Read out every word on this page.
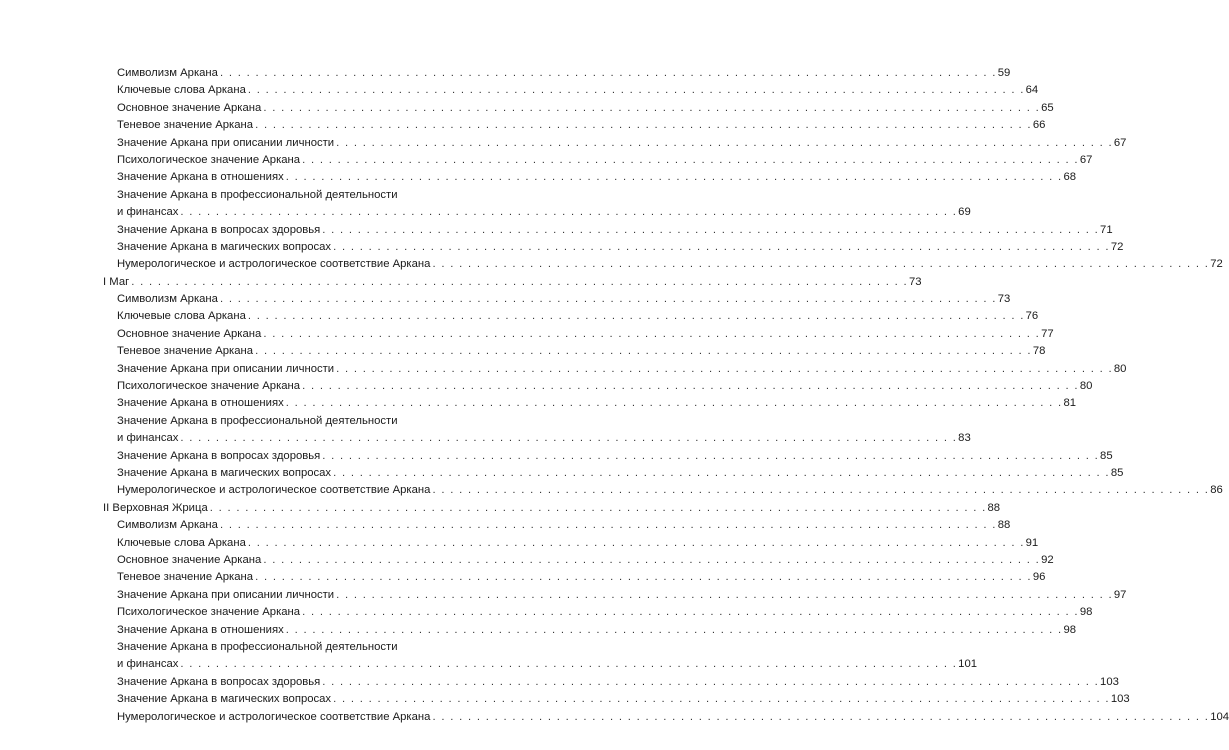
Символизм Аркана . . . . . . . . . . . . . . . . . . . . . . . . . . . . . . . . . . . . . . . . . . . . . . . . . . . . . . . . . . . . . . . . . . . . . . . . . . . . . . . . . . . . . . . . 59
Ключевые слова Аркана . . . . . . . . . . . . . . . . . . . . . . . . . . . . . . . . . . . . . . . . . . . . . . . . . . . . . . . . . . . . . . . . . . . . . . . . . . . . . . . . . . . . . . . . 64
Основное значение Аркана . . . . . . . . . . . . . . . . . . . . . . . . . . . . . . . . . . . . . . . . . . . . . . . . . . . . . . . . . . . . . . . . . . . . . . . . . . . . . . . . . . . . . . . . 65
Теневое значение Аркана . . . . . . . . . . . . . . . . . . . . . . . . . . . . . . . . . . . . . . . . . . . . . . . . . . . . . . . . . . . . . . . . . . . . . . . . . . . . . . . . . . . . . . . . 66
Значение Аркана при описании личности . . . . . . . . . . . . . . . . . . . . . . . . . . . . . . . . . . . . . . . . . . . . . . . . . . . . . . . . . . . . . . . . . . . . . . . . . . . . . . . . . . . . . . . . 67
Психологическое значение Аркана . . . . . . . . . . . . . . . . . . . . . . . . . . . . . . . . . . . . . . . . . . . . . . . . . . . . . . . . . . . . . . . . . . . . . . . . . . . . . . . . . . . . . . . . 67
Значение Аркана в отношениях . . . . . . . . . . . . . . . . . . . . . . . . . . . . . . . . . . . . . . . . . . . . . . . . . . . . . . . . . . . . . . . . . . . . . . . . . . . . . . . . . . . . . . . . 68
Значение Аркана в профессиональной деятельности
и финансах . . . . . . . . . . . . . . . . . . . . . . . . . . . . . . . . . . . . . . . . . . . . . . . . . . . . . . . . . . . . . . . . . . . . . . . . . . . . . . . . . . . . . . . . 69
Значение Аркана в вопросах здоровья . . . . . . . . . . . . . . . . . . . . . . . . . . . . . . . . . . . . . . . . . . . . . . . . . . . . . . . . . . . . . . . . . . . . . . . . . . . . . . . . . . . . . . . . 71
Значение Аркана в магических вопросах . . . . . . . . . . . . . . . . . . . . . . . . . . . . . . . . . . . . . . . . . . . . . . . . . . . . . . . . . . . . . . . . . . . . . . . . . . . . . . . . . . . . . . . . 72
Нумерологическое и астрологическое соответствие Аркана . . . . . . . . . . . . . . . . . . . . . . . . . . . . . . . . . . . . . . . . . . . . . . . . . . . . . . . . . . . . . . . . . . . . . . . . . . . . . . . . . . . . . . . . 72
I Маг . . . . . . . . . . . . . . . . . . . . . . . . . . . . . . . . . . . . . . . . . . . . . . . . . . . . . . . . . . . . . . . . . . . . . . . . . . . . . . . . . . . . . . . . 73
Символизм Аркана . . . . . . . . . . . . . . . . . . . . . . . . . . . . . . . . . . . . . . . . . . . . . . . . . . . . . . . . . . . . . . . . . . . . . . . . . . . . . . . . . . . . . . . . 73
Ключевые слова Аркана . . . . . . . . . . . . . . . . . . . . . . . . . . . . . . . . . . . . . . . . . . . . . . . . . . . . . . . . . . . . . . . . . . . . . . . . . . . . . . . . . . . . . . . . 76
Основное значение Аркана . . . . . . . . . . . . . . . . . . . . . . . . . . . . . . . . . . . . . . . . . . . . . . . . . . . . . . . . . . . . . . . . . . . . . . . . . . . . . . . . . . . . . . . . 77
Теневое значение Аркана . . . . . . . . . . . . . . . . . . . . . . . . . . . . . . . . . . . . . . . . . . . . . . . . . . . . . . . . . . . . . . . . . . . . . . . . . . . . . . . . . . . . . . . . 78
Значение Аркана при описании личности . . . . . . . . . . . . . . . . . . . . . . . . . . . . . . . . . . . . . . . . . . . . . . . . . . . . . . . . . . . . . . . . . . . . . . . . . . . . . . . . . . . . . . . . 80
Психологическое значение Аркана . . . . . . . . . . . . . . . . . . . . . . . . . . . . . . . . . . . . . . . . . . . . . . . . . . . . . . . . . . . . . . . . . . . . . . . . . . . . . . . . . . . . . . . . 80
Значение Аркана в отношениях . . . . . . . . . . . . . . . . . . . . . . . . . . . . . . . . . . . . . . . . . . . . . . . . . . . . . . . . . . . . . . . . . . . . . . . . . . . . . . . . . . . . . . . . 81
Значение Аркана в профессиональной деятельности
и финансах . . . . . . . . . . . . . . . . . . . . . . . . . . . . . . . . . . . . . . . . . . . . . . . . . . . . . . . . . . . . . . . . . . . . . . . . . . . . . . . . . . . . . . . . 83
Значение Аркана в вопросах здоровья . . . . . . . . . . . . . . . . . . . . . . . . . . . . . . . . . . . . . . . . . . . . . . . . . . . . . . . . . . . . . . . . . . . . . . . . . . . . . . . . . . . . . . . . 85
Значение Аркана в магических вопросах . . . . . . . . . . . . . . . . . . . . . . . . . . . . . . . . . . . . . . . . . . . . . . . . . . . . . . . . . . . . . . . . . . . . . . . . . . . . . . . . . . . . . . . . 85
Нумерологическое и астрологическое соответствие Аркана . . . . . . . . . . . . . . . . . . . . . . . . . . . . . . . . . . . . . . . . . . . . . . . . . . . . . . . . . . . . . . . . . . . . . . . . . . . . . . . . . . . . . . . . 86
II Верховная Жрица . . . . . . . . . . . . . . . . . . . . . . . . . . . . . . . . . . . . . . . . . . . . . . . . . . . . . . . . . . . . . . . . . . . . . . . . . . . . . . . . . . . . . . . . 88
Символизм Аркана . . . . . . . . . . . . . . . . . . . . . . . . . . . . . . . . . . . . . . . . . . . . . . . . . . . . . . . . . . . . . . . . . . . . . . . . . . . . . . . . . . . . . . . . 88
Ключевые слова Аркана . . . . . . . . . . . . . . . . . . . . . . . . . . . . . . . . . . . . . . . . . . . . . . . . . . . . . . . . . . . . . . . . . . . . . . . . . . . . . . . . . . . . . . . . 91
Основное значение Аркана . . . . . . . . . . . . . . . . . . . . . . . . . . . . . . . . . . . . . . . . . . . . . . . . . . . . . . . . . . . . . . . . . . . . . . . . . . . . . . . . . . . . . . . . 92
Теневое значение Аркана . . . . . . . . . . . . . . . . . . . . . . . . . . . . . . . . . . . . . . . . . . . . . . . . . . . . . . . . . . . . . . . . . . . . . . . . . . . . . . . . . . . . . . . . 96
Значение Аркана при описании личности . . . . . . . . . . . . . . . . . . . . . . . . . . . . . . . . . . . . . . . . . . . . . . . . . . . . . . . . . . . . . . . . . . . . . . . . . . . . . . . . . . . . . . . . 97
Психологическое значение Аркана . . . . . . . . . . . . . . . . . . . . . . . . . . . . . . . . . . . . . . . . . . . . . . . . . . . . . . . . . . . . . . . . . . . . . . . . . . . . . . . . . . . . . . . . 98
Значение Аркана в отношениях . . . . . . . . . . . . . . . . . . . . . . . . . . . . . . . . . . . . . . . . . . . . . . . . . . . . . . . . . . . . . . . . . . . . . . . . . . . . . . . . . . . . . . . . 98
Значение Аркана в профессиональной деятельности
и финансах . . . . . . . . . . . . . . . . . . . . . . . . . . . . . . . . . . . . . . . . . . . . . . . . . . . . . . . . . . . . . . . . . . . . . . . . . . . . . . . . . . . . . . . . 101
Значение Аркана в вопросах здоровья . . . . . . . . . . . . . . . . . . . . . . . . . . . . . . . . . . . . . . . . . . . . . . . . . . . . . . . . . . . . . . . . . . . . . . . . . . . . . . . . . . . . . . . . 103
Значение Аркана в магических вопросах . . . . . . . . . . . . . . . . . . . . . . . . . . . . . . . . . . . . . . . . . . . . . . . . . . . . . . . . . . . . . . . . . . . . . . . . . . . . . . . . . . . . . . . . 103
Нумерологическое и астрологическое соответствие Аркана . . . . . . . . . . . . . . . . . . . . . . . . . . . . . . . . . . . . . . . . . . . . . . . . . . . . . . . . . . . . . . . . . . . . . . . . . . . . . . . . . . . . . . . . 104
